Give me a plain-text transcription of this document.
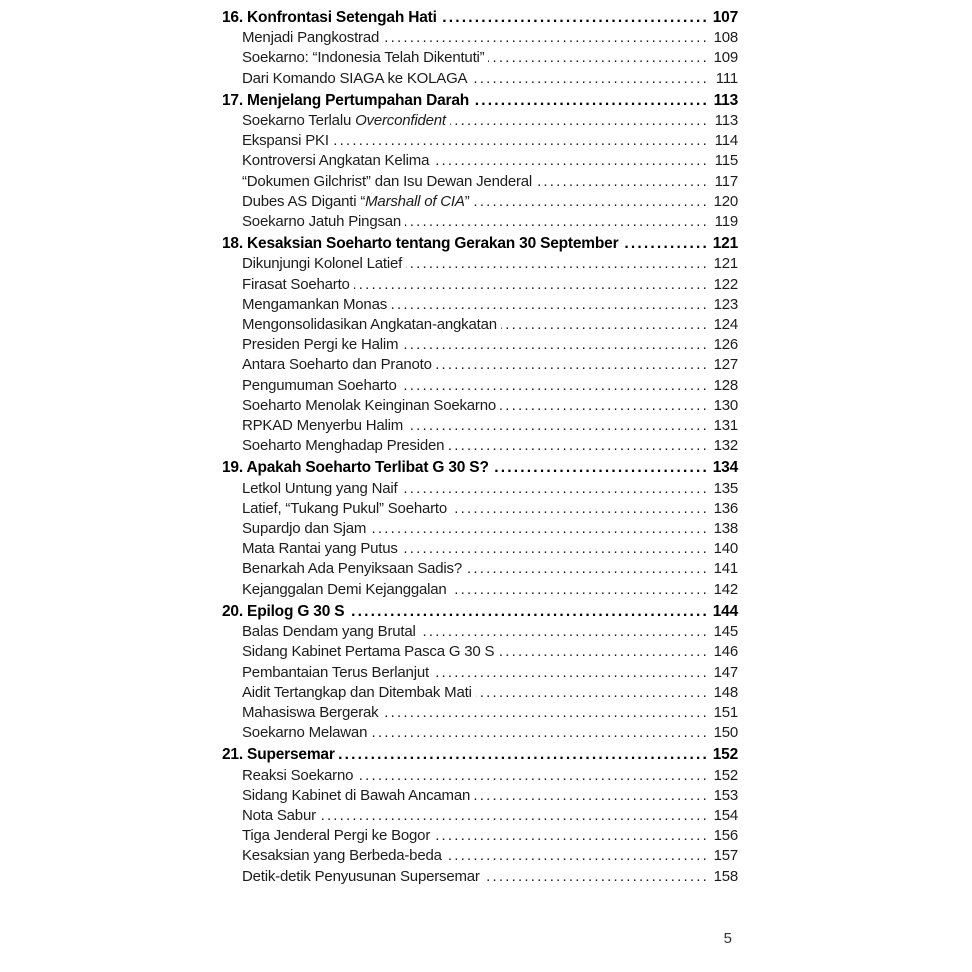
16. Konfrontasi Setengah Hati .....	107
Menjadi Pangkostrad .....	108
Soekarno: “Indonesia Telah Dikentuti” .....	109
Dari Komando SIAGA ke KOLAGA .....	111
17. Menjelang Pertumpahan Darah .....	113
Soekarno Terlalu Overconfident .....	113
Ekspansi PKI .....	114
Kontroversi Angkatan Kelima .....	115
“Dokumen Gilchrist” dan Isu Dewan Jenderal .....	117
Dubes AS Diganti “Marshall of CIA” .....	120
Soekarno Jatuh Pingsan .....	119
18. Kesaksian Soeharto tentang Gerakan 30 September .....	121
Dikunjungi Kolonel Latief .....	121
Firasat Soeharto .....	122
Mengamankan Monas .....	123
Mengonsolidasikan Angkatan-angkatan .....	124
Presiden Pergi ke Halim .....	126
Antara Soeharto dan Pranoto .....	127
Pengumuman Soeharto .....	128
Soeharto Menolak Keinginan Soekarno .....	130
RPKAD Menyerbu Halim .....	131
Soeharto Menghadap Presiden .....	132
19. Apakah Soeharto Terlibat G 30 S? .....	134
Letkol Untung yang Naif .....	135
Latief, “Tukang Pukul” Soeharto .....	136
Supardjo dan Sjam .....	138
Mata Rantai yang Putus .....	140
Benarkah Ada Penyiksaan Sadis? .....	141
Kejanggalan Demi Kejanggalan .....	142
20. Epilog G 30 S .....	144
Balas Dendam yang Brutal .....	145
Sidang Kabinet Pertama Pasca G 30 S .....	146
Pembantaian Terus Berlanjut .....	147
Aidit Tertangkap dan Ditembak Mati .....	148
Mahasiswa Bergerak .....	151
Soekarno Melawan .....	150
21. Supersemar .....	152
Reaksi Soekarno .....	152
Sidang Kabinet di Bawah Ancaman .....	153
Nota Sabur .....	154
Tiga Jenderal Pergi ke Bogor .....	156
Kesaksian yang Berbeda-beda .....	157
Detik-detik Penyusunan Supersemar .....	158
5
